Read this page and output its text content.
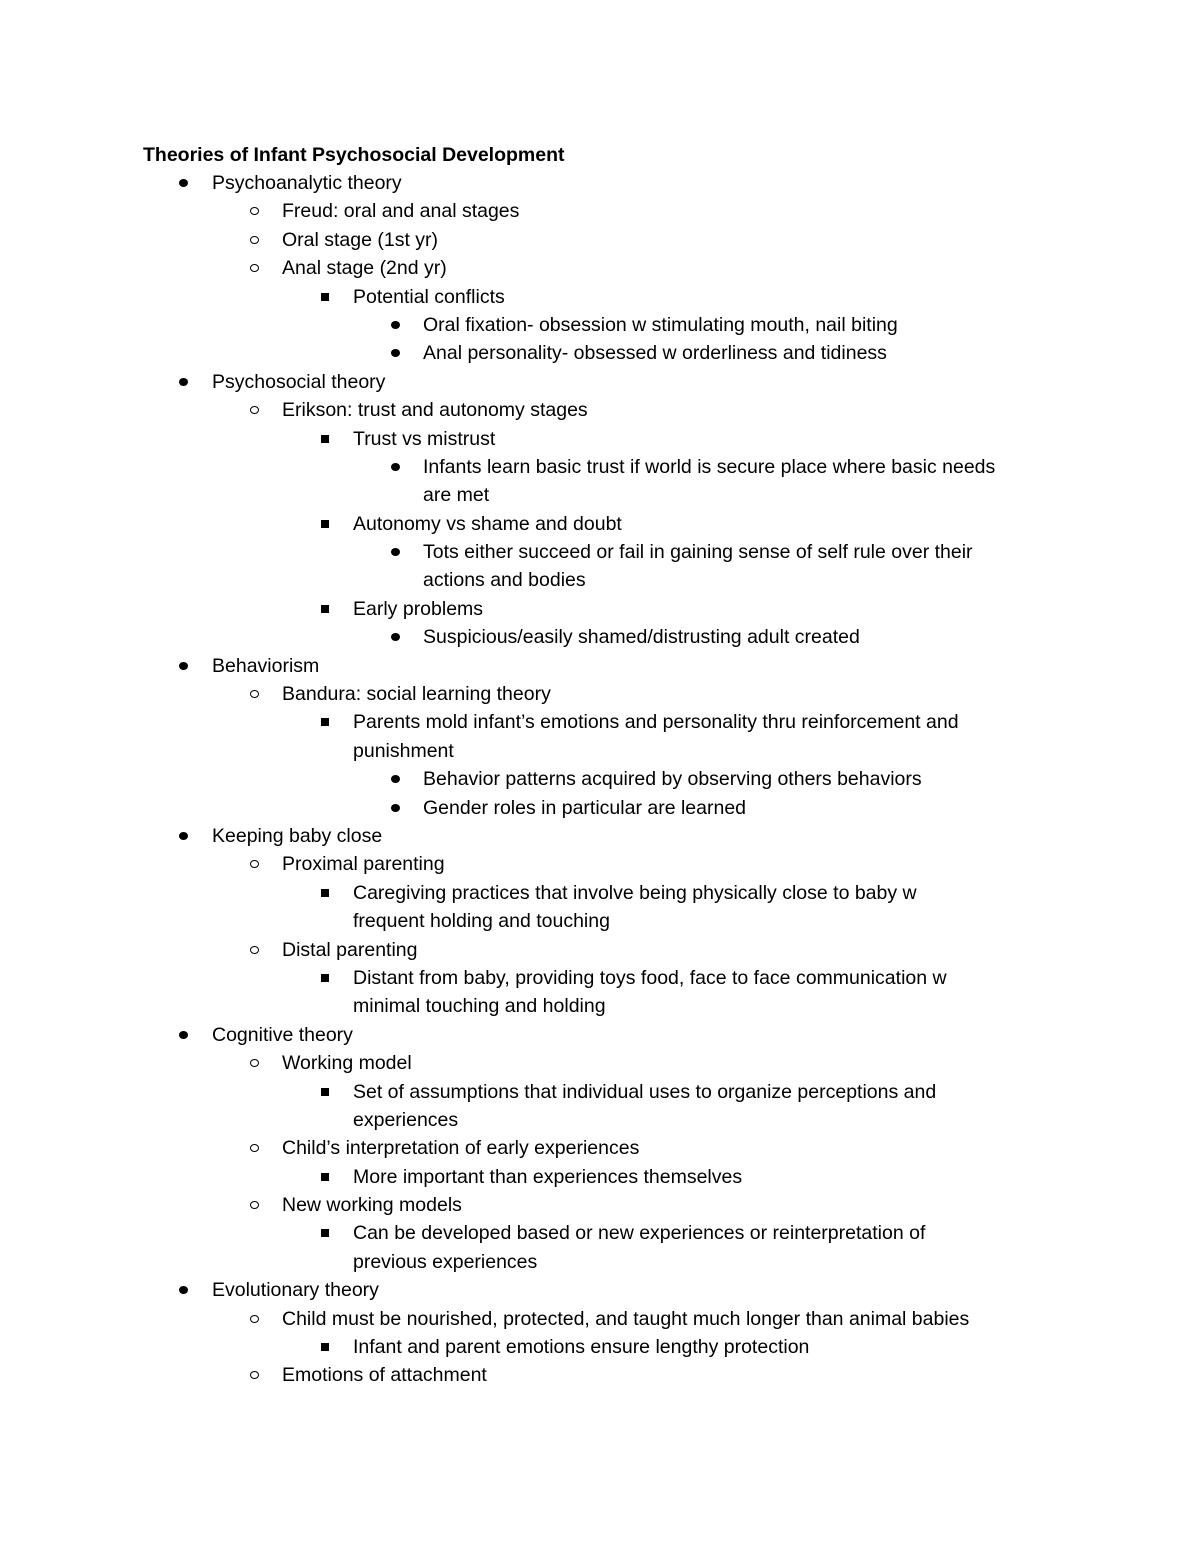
Theories of Infant Psychosocial Development
Psychoanalytic theory
Freud: oral and anal stages
Oral stage (1st yr)
Anal stage (2nd yr)
Potential conflicts
Oral fixation- obsession w stimulating mouth, nail biting
Anal personality- obsessed w orderliness and tidiness
Psychosocial theory
Erikson: trust and autonomy stages
Trust vs mistrust
Infants learn basic trust if world is secure place where basic needs
are met
Autonomy vs shame and doubt
Tots either succeed or fail in gaining sense of self rule over their
actions and bodies
Early problems
Suspicious/easily shamed/distrusting adult created
Behaviorism
Bandura: social learning theory
Parents mold infant’s emotions and personality thru reinforcement and
punishment
Behavior patterns acquired by observing others behaviors
Gender roles in particular are learned
Keeping baby close
Proximal parenting
Caregiving practices that involve being physically close to baby w
frequent holding and touching
Distal parenting
Distant from baby, providing toys food, face to face communication w
minimal touching and holding
Cognitive theory
Working model
Set of assumptions that individual uses to organize perceptions and
experiences
Child’s interpretation of early experiences
More important than experiences themselves
New working models
Can be developed based or new experiences or reinterpretation of
previous experiences
Evolutionary theory
Child must be nourished, protected, and taught much longer than animal babies
Infant and parent emotions ensure lengthy protection
Emotions of attachment
